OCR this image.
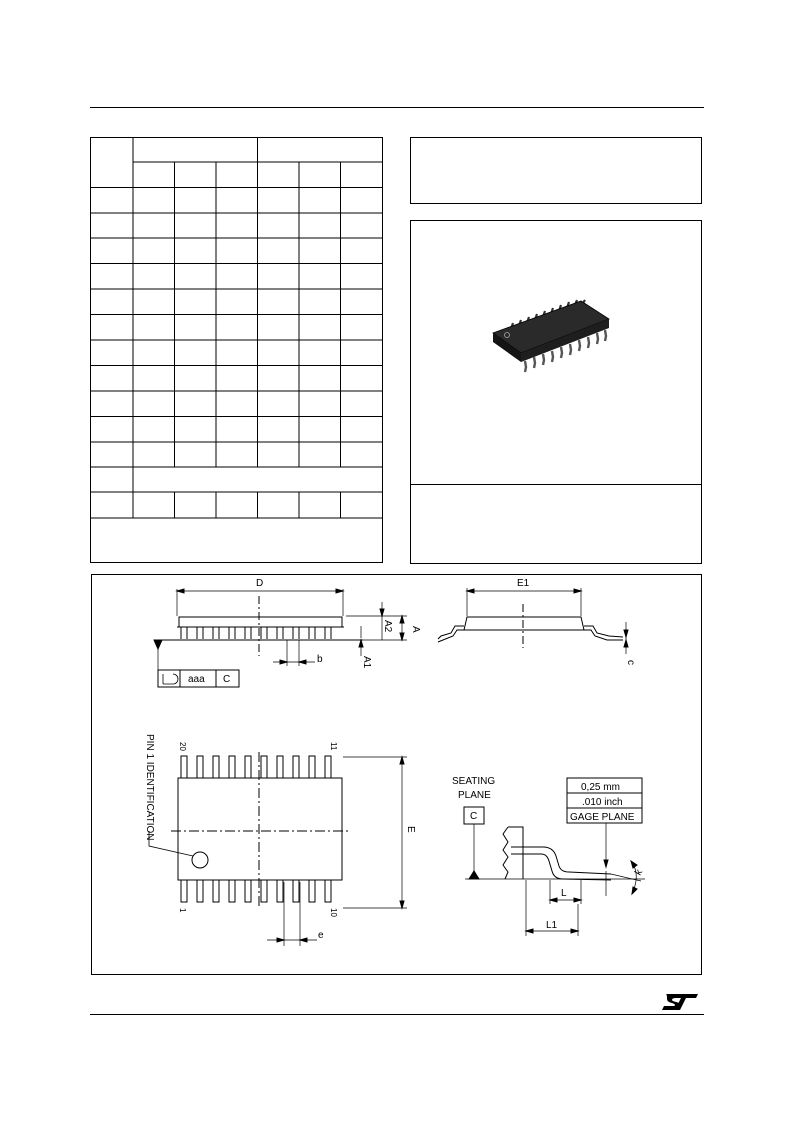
D	E1
A
A2
A1
b	c
aaa C
PIN 1 IDENTIFICATION	20	11
1	10
E
e
SEATING
PLANE
C
0,25 mm
.010 inch
GAGE PLANE
L
L1
k
